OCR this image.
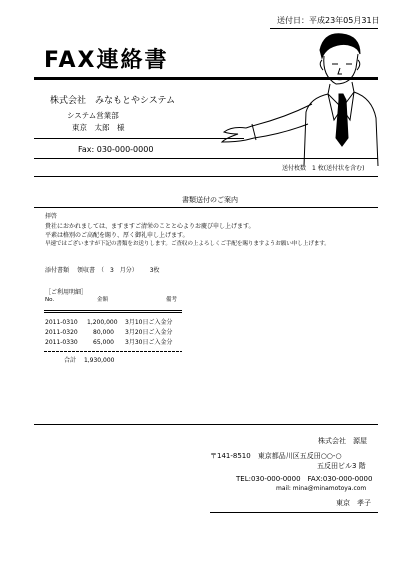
送付日：平成23年05月31日
FAX連絡書
株式会社　みなもとやシステム
システム営業部
東京　太郎　様
Fax: 030-000-0000
送付枚数　1 枚(送付状を含む)
書類送付のご案内
拝啓
貴社におかれましては、ますますご清栄のことと心よりお慶び申し上げます。
平素は格別のご高配を賜り、厚く御礼申し上げます。
早速ではございますが下記の書類をお送りします。ご査収の上よろしくご手配を賜りますようお願い申し上げます。
添付書類 領収書　（　3　月分） 3枚
［ご利用明細］
No.	金額	備考
2011-0310 1,200,000 3月10日ご入金分
2011-0320	80,000 3月20日ご入金分
2011-0330	65,000 3月30日ご入金分
合計 1,930,000
株式会社　源屋
〒141-8510　東京都品川区五反田○○-○
五反田ビル3 階
TEL:030-000-0000　FAX:030-000-0000
mail: mina@minamotoya.com
東京　孝子
